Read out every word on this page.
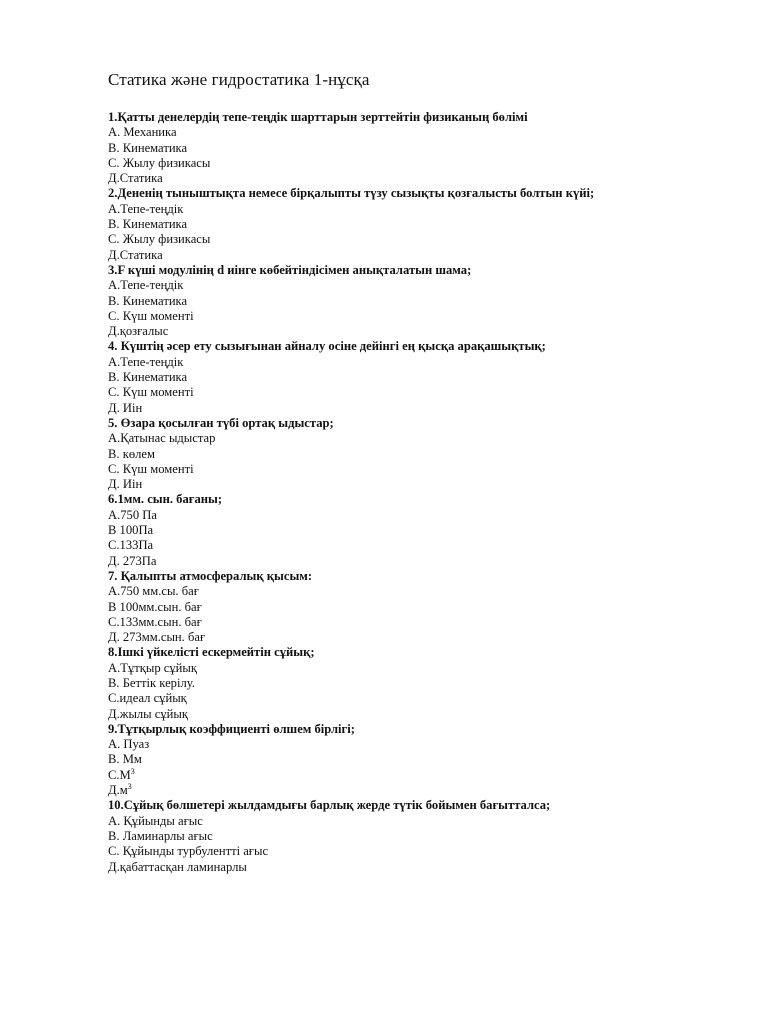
Статика және гидростатика 1-нұсқа
1.Қатты денелердің тепе-теңдік шарттарын зерттейтін физиканың бөлімі
А. Механика
В. Кинематика
С. Жылу физикасы
Д.Статика
2.Дененің тыныштықта немесе бірқалыпты түзу сызықты қозғалысты болтын күйі;
А.Тепе-теңдік
В. Кинематика
С. Жылу физикасы
Д.Статика
3.F күші модулінің d иінге көбейтіндісімен анықталатын шама;
А.Тепе-теңдік
В. Кинематика
С. Күш моменті
Д.қозғалыс
4. Күштің әсер ету сызығынан айналу осіне дейінгі ең қысқа арақашықтық;
А.Тепе-теңдік
В. Кинематика
С. Күш моменті
Д. Иін
5. Өзара қосылған түбі ортақ ыдыстар;
А.Қатынас ыдыстар
В. көлем
С. Күш моменті
Д. Иін
6.1мм. сын. бағаны;
А.750 Па
В 100Па
С.133Па
Д. 273Па
7. Қалыпты атмосфералық қысым:
А.750 мм.сы. бағ
В 100мм.сын. бағ
С.133мм.сын. бағ
Д. 273мм.сын. бағ
8.Ішкі үйкелісті ескермейтін сұйық;
А.Тұтқыр сұйық
В. Беттік керілу.
С.идеал сұйық
Д.жылы сұйық
9.Тұтқырлық коэффициенті өлшем бірлігі;
А. Пуаз
В. Мм
$С.М^3$
$Д.м^3$
10.Сұйық бөлшетері жылдамдығы барлық жерде түтік бойымен бағытталса;
А. Құйынды ағыс
В. Ламинарлы ағыс
С. Құйынды турбулентті ағыс
Д.қабаттасқан ламинарлы
